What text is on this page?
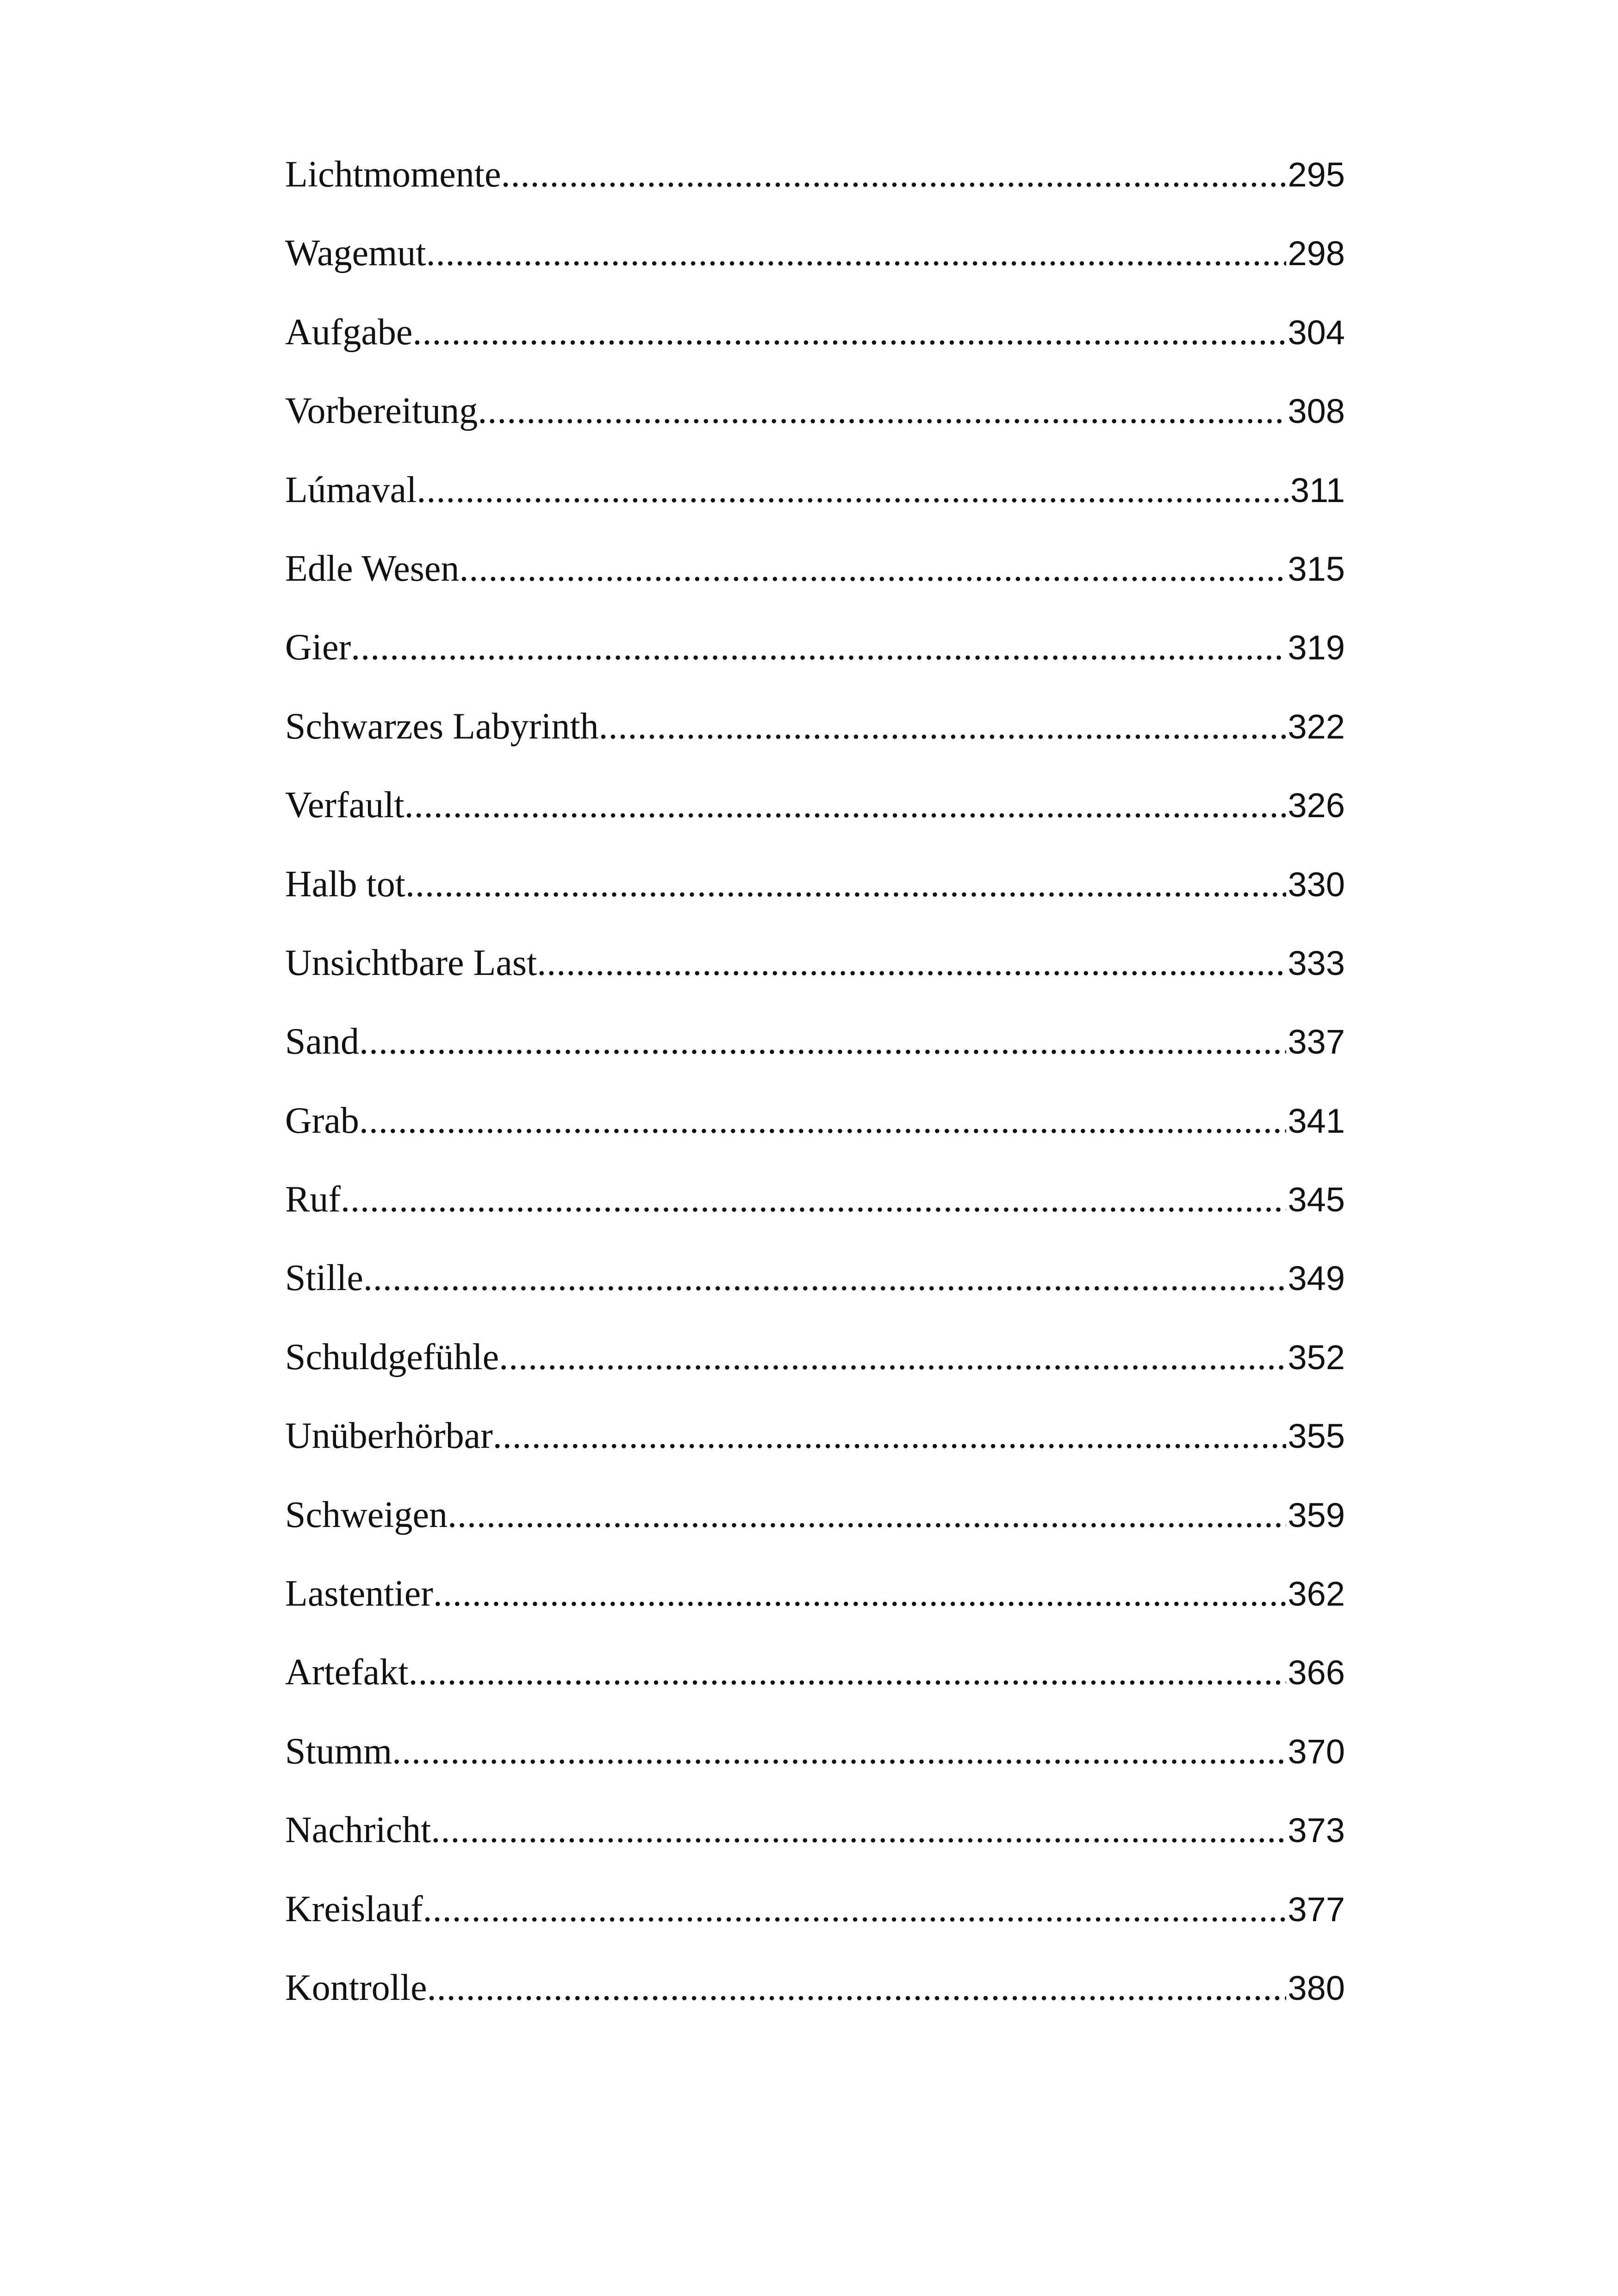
Lichtmomente .....	295
Wagemut .....	298
Aufgabe .....	304
Vorbereitung .....	308
Lúmaval .....	311
Edle Wesen .....	315
Gier .....	319
Schwarzes Labyrinth .....	322
Verfault .....	326
Halb tot .....	330
Unsichtbare Last .....	333
Sand .....	337
Grab .....	341
Ruf .....	345
Stille .....	349
Schuldgefühle .....	352
Unüberhörbar .....	355
Schweigen .....	359
Lastentier .....	362
Artefakt .....	366
Stumm .....	370
Nachricht .....	373
Kreislauf .....	377
Kontrolle .....	380
